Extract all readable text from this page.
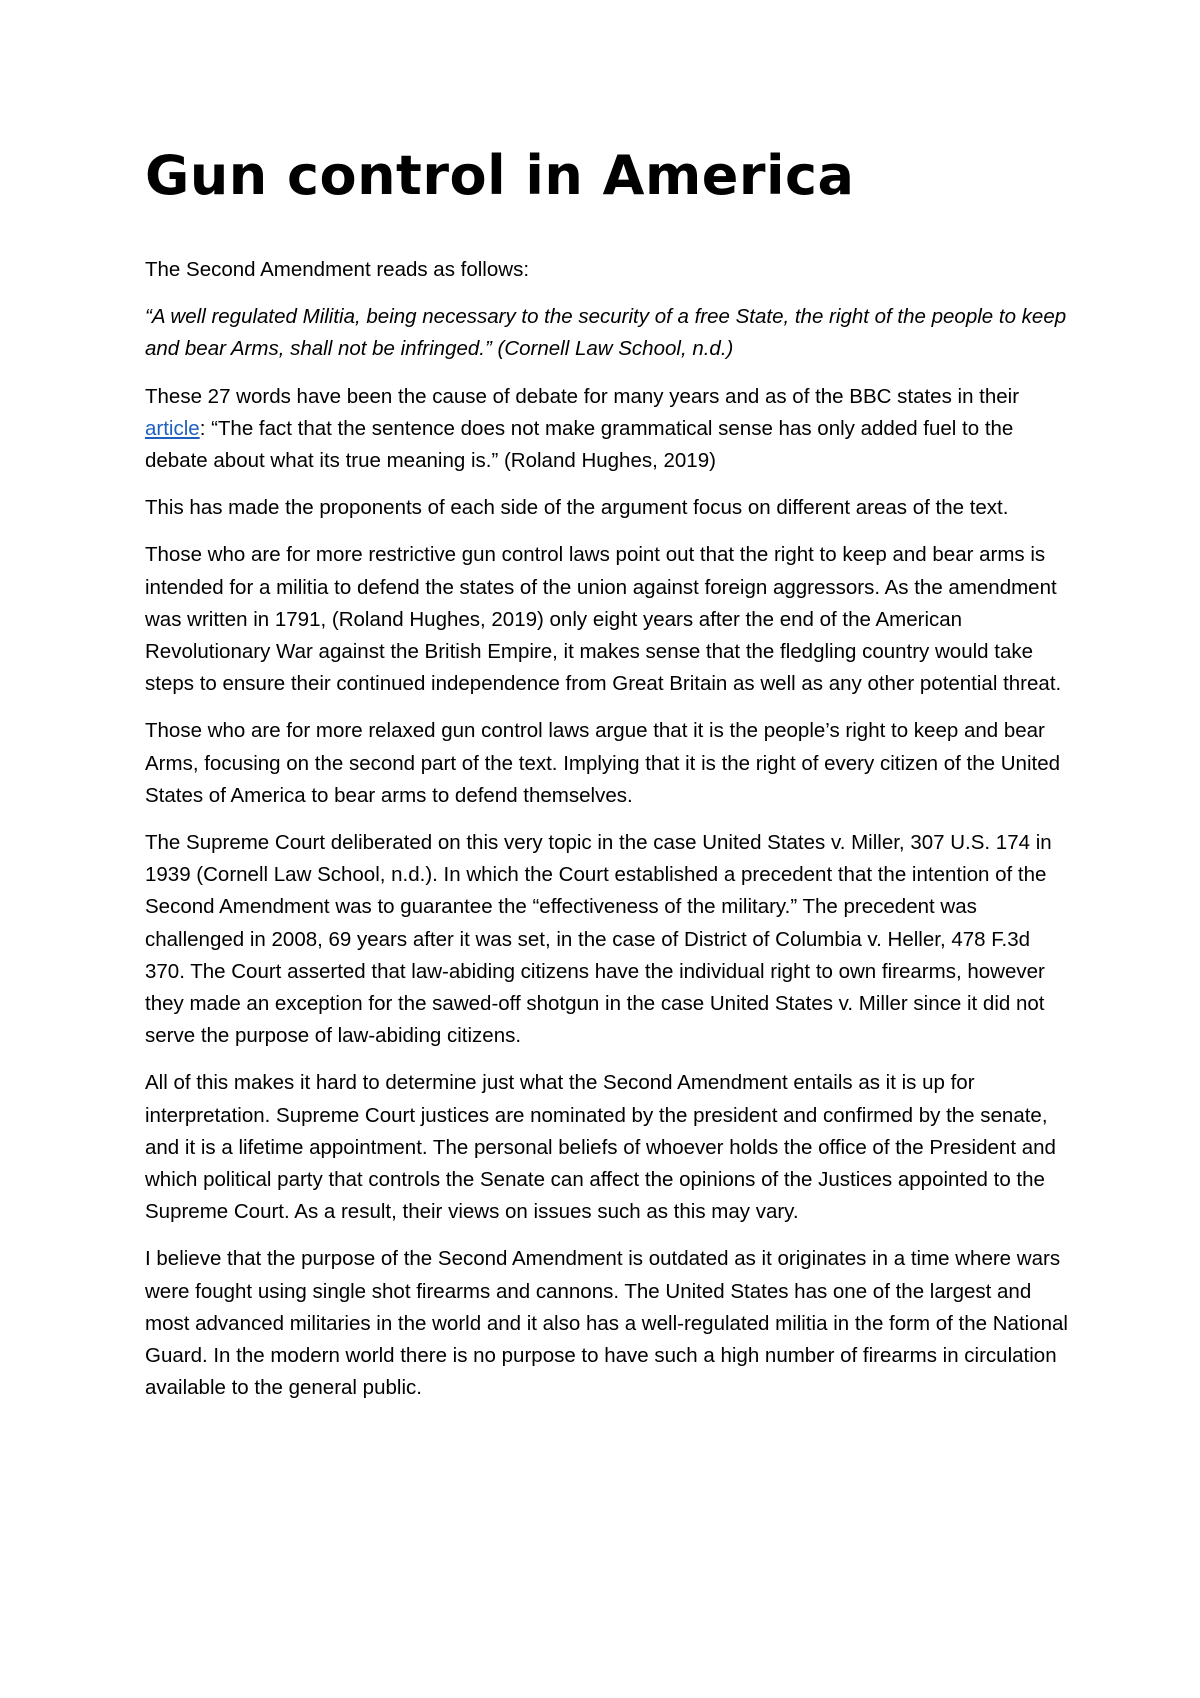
Gun control in America

The Second Amendment reads as follows:

“A well regulated Militia, being necessary to the security of a free State, the right of the people to keep and bear Arms, shall not be infringed.” (Cornell Law School, n.d.)

These 27 words have been the cause of debate for many years and as of the BBC states in their article: “The fact that the sentence does not make grammatical sense has only added fuel to the debate about what its true meaning is.” (Roland Hughes, 2019)

This has made the proponents of each side of the argument focus on different areas of the text.

Those who are for more restrictive gun control laws point out that the right to keep and bear arms is intended for a militia to defend the states of the union against foreign aggressors. As the amendment was written in 1791, (Roland Hughes, 2019) only eight years after the end of the American Revolutionary War against the British Empire, it makes sense that the fledgling country would take steps to ensure their continued independence from Great Britain as well as any other potential threat.

Those who are for more relaxed gun control laws argue that it is the people’s right to keep and bear Arms, focusing on the second part of the text. Implying that it is the right of every citizen of the United States of America to bear arms to defend themselves.

The Supreme Court deliberated on this very topic in the case United States v. Miller, 307 U.S. 174 in 1939 (Cornell Law School, n.d.). In which the Court established a precedent that the intention of the Second Amendment was to guarantee the “effectiveness of the military.” The precedent was challenged in 2008, 69 years after it was set, in the case of District of Columbia v. Heller, 478 F.3d 370. The Court asserted that law-abiding citizens have the individual right to own firearms, however they made an exception for the sawed-off shotgun in the case United States v. Miller since it did not serve the purpose of law-abiding citizens.

All of this makes it hard to determine just what the Second Amendment entails as it is up for interpretation. Supreme Court justices are nominated by the president and confirmed by the senate, and it is a lifetime appointment. The personal beliefs of whoever holds the office of the President and which political party that controls the Senate can affect the opinions of the Justices appointed to the Supreme Court. As a result, their views on issues such as this may vary.

I believe that the purpose of the Second Amendment is outdated as it originates in a time where wars were fought using single shot firearms and cannons. The United States has one of the largest and most advanced militaries in the world and it also has a well-regulated militia in the form of the National Guard. In the modern world there is no purpose to have such a high number of firearms in circulation available to the general public.
